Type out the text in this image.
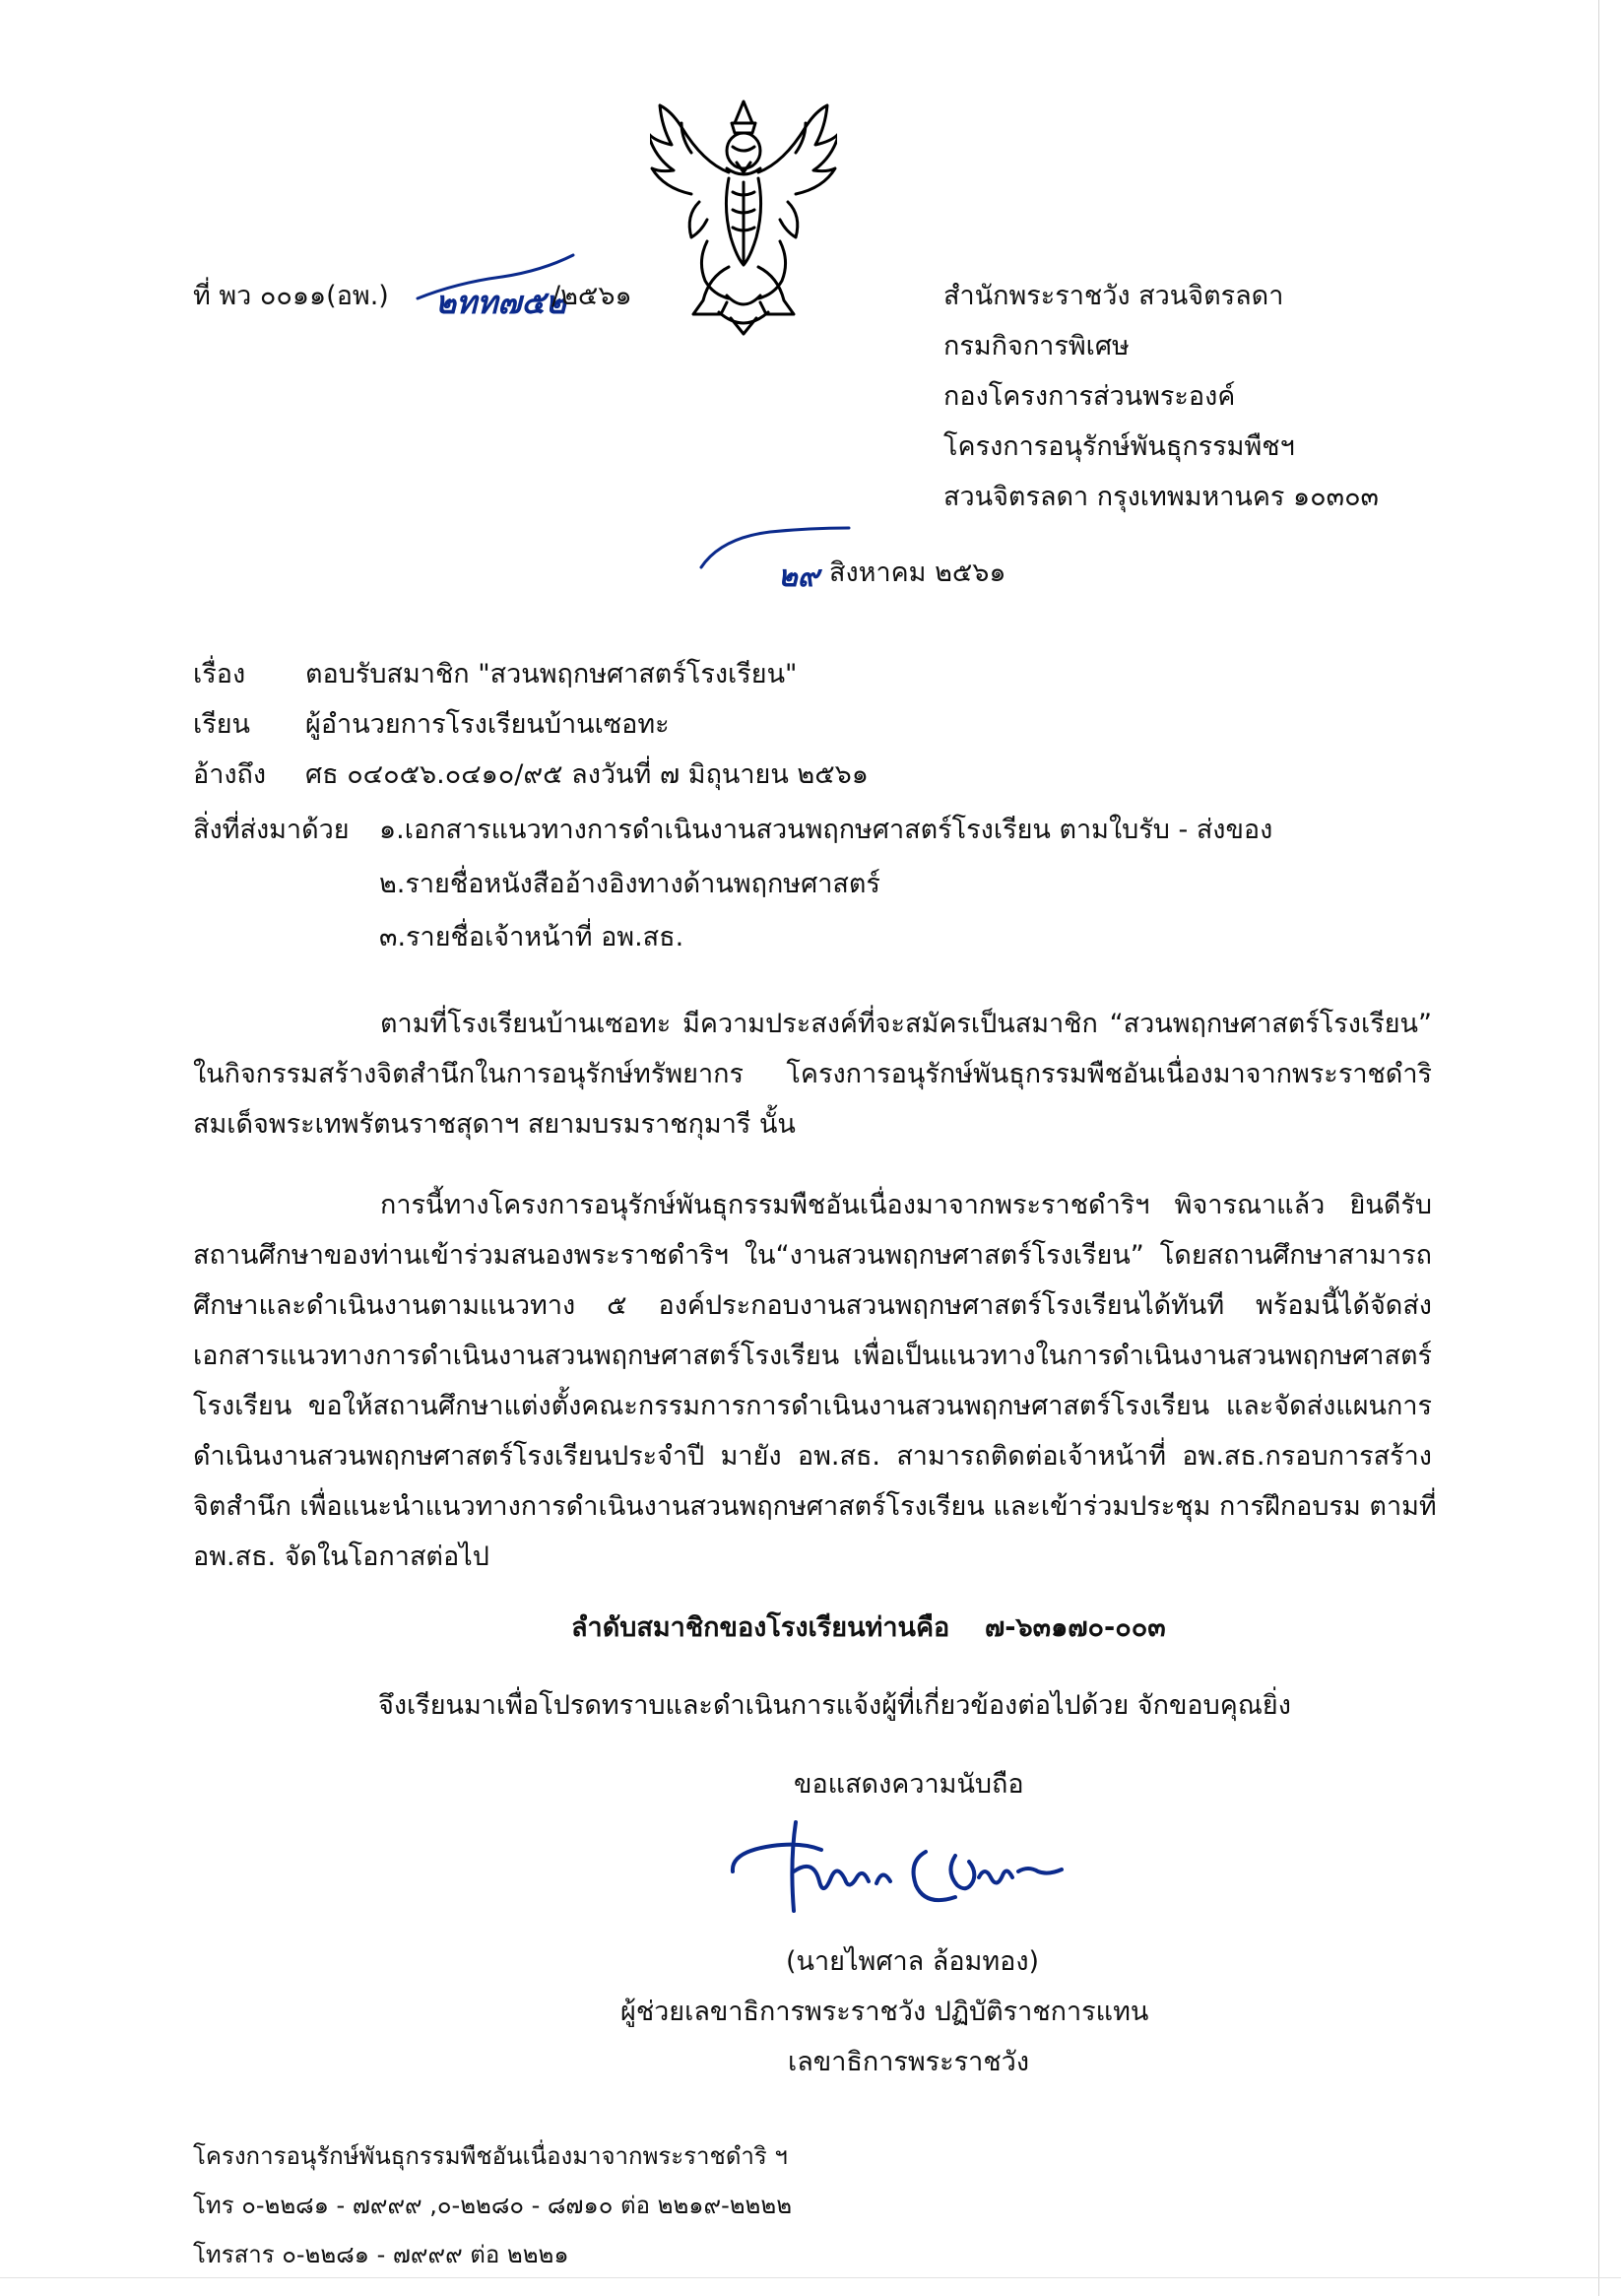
ที่ พว ๐๐๑๑(อพ.) ๒ทท๗๕๒
/๒๕๖๑	สำนักพระราชวัง สวนจิตรลดา
กรมกิจการพิเศษ
กองโครงการส่วนพระองค์
โครงการอนุรักษ์พันธุกรรมพืชฯ
สวนจิตรลดา กรุงเทพมหานคร ๑๐๓๐๓
๒๙ สิงหาคม ๒๕๖๑
เรื่อง ตอบรับสมาชิก "สวนพฤกษศาสตร์โรงเรียน"
เรียน ผู้อำนวยการโรงเรียนบ้านเซอทะ
อ้างถึง ศธ ๐๔๐๕๖.๐๔๑๐/๙๕ ลงวันที่ ๗ มิถุนายน ๒๕๖๑
สิ่งที่ส่งมาด้วย ๑.เอกสารแนวทางการดำเนินงานสวนพฤกษศาสตร์โรงเรียน ตามใบรับ - ส่งของ
๒.รายชื่อหนังสืออ้างอิงทางด้านพฤกษศาสตร์
๓.รายชื่อเจ้าหน้าที่ อพ.สธ.
ตามที่โรงเรียนบ้านเซอทะ มีความประสงค์ที่จะสมัครเป็นสมาชิก “สวนพฤกษศาสตร์โรงเรียน”
ในกิจกรรมสร้างจิตสำนึกในการอนุรักษ์ทรัพยากร โครงการอนุรักษ์พันธุกรรมพืชอันเนื่องมาจากพระราชดำริ
สมเด็จพระเทพรัตนราชสุดาฯ สยามบรมราชกุมารี นั้น
การนี้ทางโครงการอนุรักษ์พันธุกรรมพืชอันเนื่องมาจากพระราชดำริฯ พิจารณาแล้ว ยินดีรับ
สถานศึกษาของท่านเข้าร่วมสนองพระราชดำริฯ ใน“งานสวนพฤกษศาสตร์โรงเรียน” โดยสถานศึกษาสามารถ
ศึกษาและดำเนินงานตามแนวทาง ๕ องค์ประกอบงานสวนพฤกษศาสตร์โรงเรียนได้ทันที พร้อมนี้ได้จัดส่ง
เอกสารแนวทางการดำเนินงานสวนพฤกษศาสตร์โรงเรียน เพื่อเป็นแนวทางในการดำเนินงานสวนพฤกษศาสตร์
โรงเรียน ขอให้สถานศึกษาแต่งตั้งคณะกรรมการการดำเนินงานสวนพฤกษศาสตร์โรงเรียน และจัดส่งแผนการ
ดำเนินงานสวนพฤกษศาสตร์โรงเรียนประจำปี มายัง อพ.สธ. สามารถติดต่อเจ้าหน้าที่ อพ.สธ.กรอบการสร้าง
จิตสำนึก เพื่อแนะนำแนวทางการดำเนินงานสวนพฤกษศาสตร์โรงเรียน และเข้าร่วมประชุม การฝึกอบรม ตามที่
อพ.สธ. จัดในโอกาสต่อไป
ลำดับสมาชิกของโรงเรียนท่านคือ ๗-๖๓๑๗๐-๐๐๓
จึงเรียนมาเพื่อโปรดทราบและดำเนินการแจ้งผู้ที่เกี่ยวข้องต่อไปด้วย จักขอบคุณยิ่ง
ขอแสดงความนับถือ
(นายไพศาล ล้อมทอง)
ผู้ช่วยเลขาธิการพระราชวัง ปฏิบัติราชการแทน
เลขาธิการพระราชวัง
โครงการอนุรักษ์พันธุกรรมพืชอันเนื่องมาจากพระราชดำริ ฯ
โทร ๐-๒๒๘๑ - ๗๙๙๙ ,๐-๒๒๘๐ - ๘๗๑๐ ต่อ ๒๒๑๙-๒๒๒๒
โทรสาร ๐-๒๒๘๑ - ๗๙๙๙ ต่อ ๒๒๒๑
